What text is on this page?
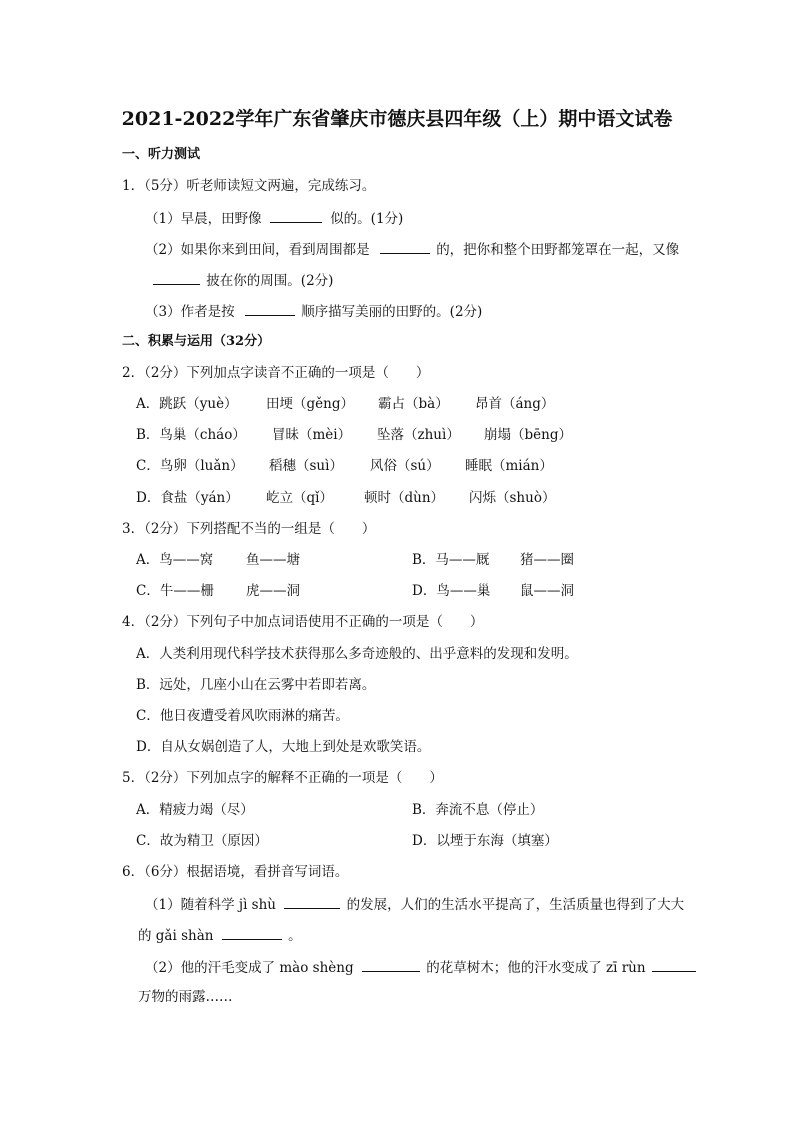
2021-2022学年广东省肇庆市德庆县四年级（上）期中语文试卷
一、听力测试
1．（5分）听老师读短文两遍，完成练习。
（1）早晨，田野像	似的。(1分)
（2）如果你来到田间，看到周围都是	的，把你和整个田野都笼罩在一起，又像
披在你的周围。(2分)
（3）作者是按	顺序描写美丽的田野的。(2分)
二、积累与运用（32分）
2．（2分）下列加点字读音不正确的一项是（　　）
A．跳跃（yuè） 田埂（gěng） 霸占（bà） 昂首（áng）
B．鸟巢（cháo） 冒昧（mèi） 坠落（zhuì） 崩塌（bēng）
C．鸟卵（luǎn） 稻穗（suì） 风俗（sú） 睡眠（mián）
D．食盐（yán） 屹立（qǐ） 顿时（dùn） 闪烁（shuò）
3．（2分）下列搭配不当的一组是（　　）
A．鸟——窝 鱼——塘	B．马——厩 猪——圈
C．牛——栅 虎——洞	D．鸟——巢 鼠——洞
4．（2分）下列句子中加点词语使用不正确的一项是（　　）
A．人类利用现代科学技术获得那么多奇迹般的、出乎意料的发现和发明。
B．远处，几座小山在云雾中若即若离。
C．他日夜遭受着风吹雨淋的痛苦。
D．自从女娲创造了人，大地上到处是欢歌笑语。
5．（2分）下列加点字的解释不正确的一项是（　　）
A．精疲力竭（尽）	B．奔流不息（停止）
C．故为精卫（原因）	D．以堙于东海（填塞）
6．（6分）根据语境，看拼音写词语。
（1）随着科学 jì shù	的发展，人们的生活水平提高了，生活质量也得到了大大
的 gǎi shàn	。
（2）他的汗毛变成了 mào shèng	的花草树木；他的汗水变成了 zī rùn
万物的雨露……
